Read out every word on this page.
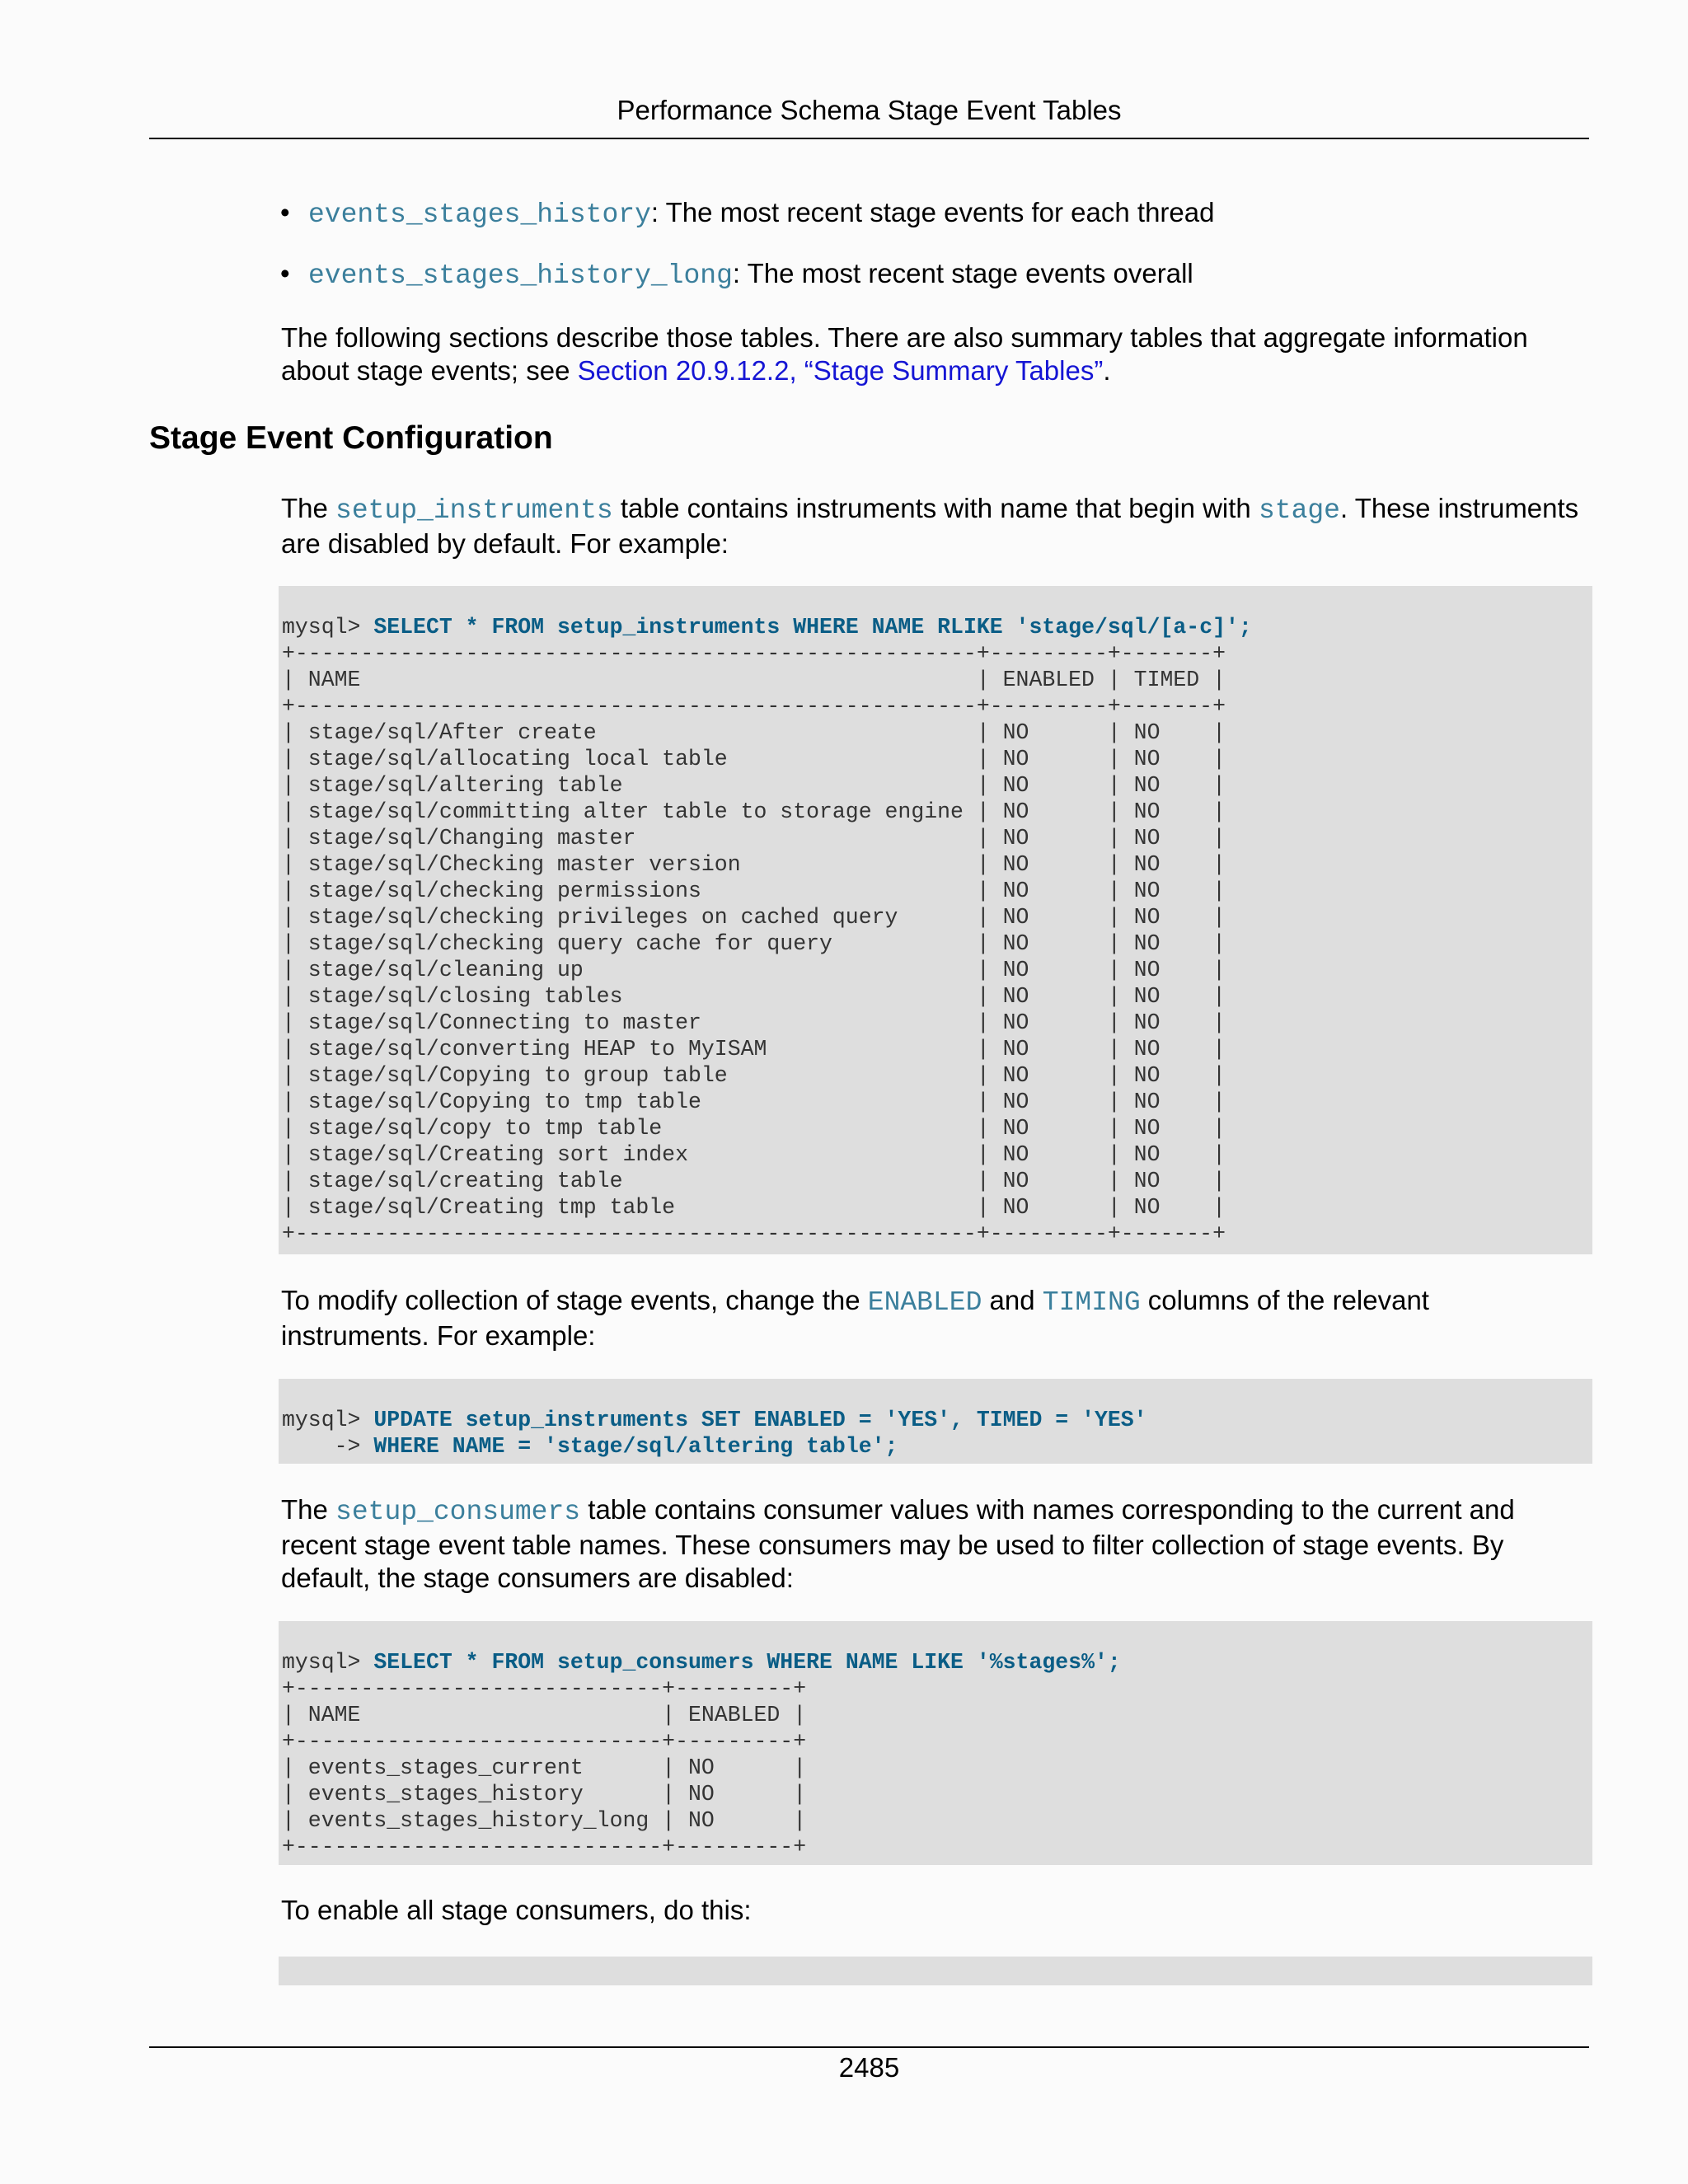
Performance Schema Stage Event Tables
• events_stages_history: The most recent stage events for each thread
• events_stages_history_long: The most recent stage events overall
The following sections describe those tables. There are also summary tables that aggregate information about stage events; see Section 20.9.12.2, “Stage Summary Tables”.
Stage Event Configuration
The setup_instruments table contains instruments with name that begin with stage. These instruments are disabled by default. For example:
mysql> SELECT * FROM setup_instruments WHERE NAME RLIKE 'stage/sql/[a-c]';
+----------------------------------------------------+---------+-------+
| NAME                                               | ENABLED | TIMED |
+----------------------------------------------------+---------+-------+
| stage/sql/After create                             | NO      | NO    |
| stage/sql/allocating local table                   | NO      | NO    |
| stage/sql/altering table                           | NO      | NO    |
| stage/sql/committing alter table to storage engine | NO      | NO    |
| stage/sql/Changing master                          | NO      | NO    |
| stage/sql/Checking master version                  | NO      | NO    |
| stage/sql/checking permissions                     | NO      | NO    |
| stage/sql/checking privileges on cached query      | NO      | NO    |
| stage/sql/checking query cache for query           | NO      | NO    |
| stage/sql/cleaning up                              | NO      | NO    |
| stage/sql/closing tables                           | NO      | NO    |
| stage/sql/Connecting to master                     | NO      | NO    |
| stage/sql/converting HEAP to MyISAM                | NO      | NO    |
| stage/sql/Copying to group table                   | NO      | NO    |
| stage/sql/Copying to tmp table                     | NO      | NO    |
| stage/sql/copy to tmp table                        | NO      | NO    |
| stage/sql/Creating sort index                      | NO      | NO    |
| stage/sql/creating table                           | NO      | NO    |
| stage/sql/Creating tmp table                       | NO      | NO    |
+----------------------------------------------------+---------+-------+
To modify collection of stage events, change the ENABLED and TIMING columns of the relevant instruments. For example:
mysql> UPDATE setup_instruments SET ENABLED = 'YES', TIMED = 'YES'
-> WHERE NAME = 'stage/sql/altering table';
The setup_consumers table contains consumer values with names corresponding to the current and recent stage event table names. These consumers may be used to filter collection of stage events. By default, the stage consumers are disabled:
mysql> SELECT * FROM setup_consumers WHERE NAME LIKE '%stages%';
+----------------------------+---------+
| NAME                       | ENABLED |
+----------------------------+---------+
| events_stages_current      | NO      |
| events_stages_history      | NO      |
| events_stages_history_long | NO      |
+----------------------------+---------+
To enable all stage consumers, do this:
2485
